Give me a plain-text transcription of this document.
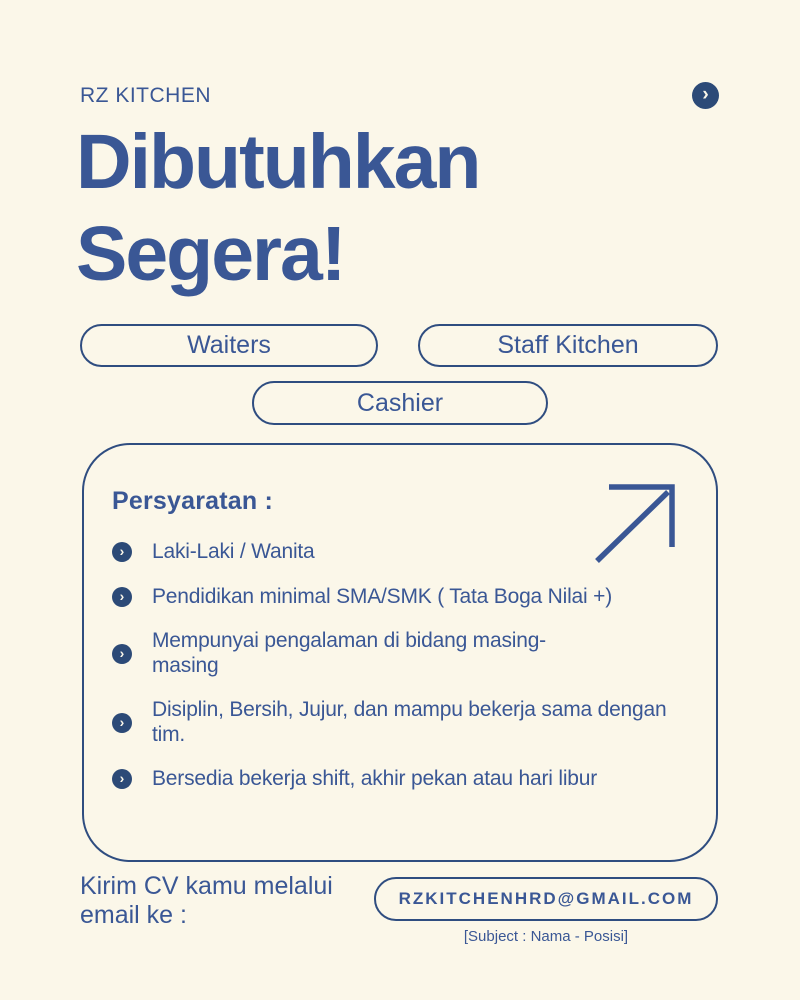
RZ KITCHEN	›
Dibutuhkan
Segera!
Waiters	Staff Kitchen
Cashier
Persyaratan :
› Laki-Laki / Wanita
› Pendidikan minimal SMA/SMK ( Tata Boga Nilai +)
›
Mempunyai pengalaman di bidang masing-masing
›
Disiplin, Bersih, Jujur, dan mampu bekerja sama dengan tim.
› Bersedia bekerja shift, akhir pekan atau hari libur
Kirim CV kamu melalui
email ke :
RZKITCHENHRD@GMAIL.COM
[Subject : Nama - Posisi]
